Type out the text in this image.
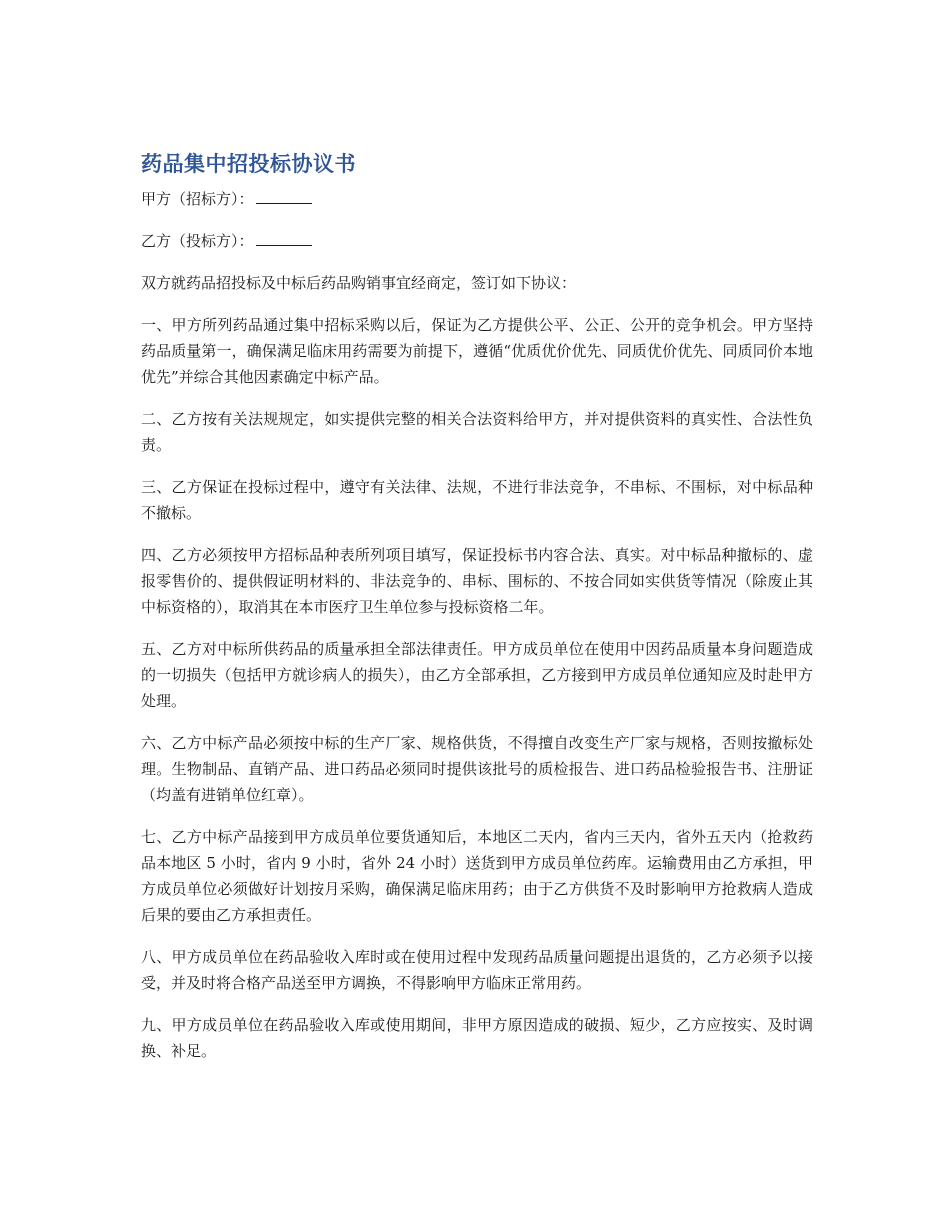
药品集中招投标协议书

甲方（招标方）：

乙方（投标方）：

双方就药品招投标及中标后药品购销事宜经商定，签订如下协议：

一、甲方所列药品通过集中招标采购以后，保证为乙方提供公平、公正、公开的竞争机会。甲方坚持药品质量第一，确保满足临床用药需要为前提下，遵循“优质优价优先、同质优价优先、同质同价本地优先”并综合其他因素确定中标产品。

二、乙方按有关法规规定，如实提供完整的相关合法资料给甲方，并对提供资料的真实性、合法性负责。

三、乙方保证在投标过程中，遵守有关法律、法规，不进行非法竞争，不串标、不围标，对中标品种不撤标。

四、乙方必须按甲方招标品种表所列项目填写，保证投标书内容合法、真实。对中标品种撤标的、虚报零售价的、提供假证明材料的、非法竞争的、串标、围标的、不按合同如实供货等情况（除废止其中标资格的），取消其在本市医疗卫生单位参与投标资格二年。

五、乙方对中标所供药品的质量承担全部法律责任。甲方成员单位在使用中因药品质量本身问题造成的一切损失（包括甲方就诊病人的损失），由乙方全部承担，乙方接到甲方成员单位通知应及时赴甲方处理。

六、乙方中标产品必须按中标的生产厂家、规格供货，不得擅自改变生产厂家与规格，否则按撤标处理。生物制品、直销产品、进口药品必须同时提供该批号的质检报告、进口药品检验报告书、注册证（均盖有进销单位红章）。

七、乙方中标产品接到甲方成员单位要货通知后，本地区二天内，省内三天内，省外五天内（抢救药品本地区 5 小时，省内 9 小时，省外 24 小时）送货到甲方成员单位药库。运输费用由乙方承担，甲方成员单位必须做好计划按月采购，确保满足临床用药；由于乙方供货不及时影响甲方抢救病人造成后果的要由乙方承担责任。

八、甲方成员单位在药品验收入库时或在使用过程中发现药品质量问题提出退货的，乙方必须予以接受，并及时将合格产品送至甲方调换，不得影响甲方临床正常用药。

九、甲方成员单位在药品验收入库或使用期间，非甲方原因造成的破损、短少，乙方应按实、及时调换、补足。
